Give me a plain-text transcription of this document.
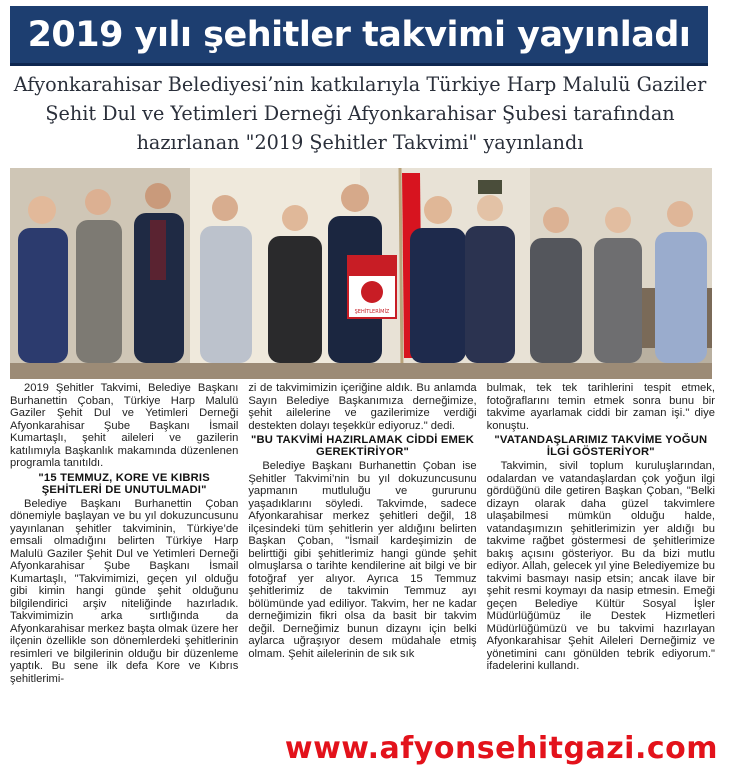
2019 yılı şehitler takvimi yayınladı

Afyonkarahisar Belediyesi’nin katkılarıyla Türkiye Harp Malulü Gaziler Şehit Dul ve Yetimleri Derneği Afyonkarahisar Şubesi tarafından hazırlanan "2019 Şehitler Takvimi" yayınlandı

ŞEHİTLERİMİZ

2019 Şehitler Takvimi, Belediye Başkanı Burhanettin Çoban, Türkiye Harp Malulü Gaziler Şehit Dul ve Yetimleri Derneği Afyonkarahisar Şube Başkanı İsmail Kumartaşlı, şehit aileleri ve gazilerin katılımıyla Başkanlık makamında düzenlenen programla tanıtıldı.

"15 TEMMUZ, KORE VE KIBRIS ŞEHİTLERİ DE UNUTULMADI"

Belediye Başkanı Burhanettin Çoban dönemiyle başlayan ve bu yıl dokuzuncusunu yayınlanan şehitler takviminin, Türkiye’de emsali olmadığını belirten Türkiye Harp Malulü Gaziler Şehit Dul ve Yetimleri Derneği Afyonkarahisar Şube Başkanı İsmail Kumartaşlı, "Takvimimizi, geçen yıl olduğu gibi kimin hangi günde şehit olduğunu bilgilendirici arşiv niteliğinde hazırladık. Takvimimizin arka sırtlığında da Afyonkarahisar merkez başta olmak üzere her ilçenin özellikle son dönemlerdeki şehitlerinin resimleri ve bilgilerinin olduğu bir düzenleme yaptık. Bu sene ilk defa Kore ve Kıbrıs şehitlerimi-

zi de takvimimizin içeriğine aldık. Bu anlamda Sayın Belediye Başkanımıza derneğimize, şehit ailelerine ve gazilerimize verdiği destekten dolayı teşekkür ediyoruz." dedi.

"BU TAKVİMİ HAZIRLAMAK CİDDİ EMEK GEREKTİRİYOR"

Belediye Başkanı Burhanettin Çoban ise Şehitler Takvimi’nin bu yıl dokuzuncusunu yapmanın mutluluğu ve gururunu yaşadıklarını söyledi. Takvimde, sadece Afyonkarahisar merkez şehitleri değil, 18 ilçesindeki tüm şehitlerin yer aldığını belirten Başkan Çoban, "İsmail kardeşimizin de belirttiği gibi şehitlerimiz hangi günde şehit olmuşlarsa o tarihte kendilerine ait bilgi ve bir fotoğraf yer alıyor. Ayrıca 15 Temmuz şehitlerimiz de takvimin Temmuz ayı bölümünde yad ediliyor. Takvim, her ne kadar derneğimizin fikri olsa da basit bir takvim değil. Derneğimiz bunun dizaynı için belki aylarca uğraşıyor desem müdahale etmiş olmam. Şehit ailelerinin de sık sık

bulmak, tek tek tarihlerini tespit etmek, fotoğraflarını temin etmek sonra bunu bir takvime ayarlamak ciddi bir zaman işi." diye konuştu.

"VATANDAŞLARIMIZ TAKVİME YOĞUN İLGİ GÖSTERİYOR"

Takvimin, sivil toplum kuruluşlarından, odalardan ve vatandaşlardan çok yoğun ilgi gördüğünü dile getiren Başkan Çoban, "Belki dizayn olarak daha güzel takvimlere ulaşabilmesi mümkün olduğu halde, vatandaşımızın şehitlerimizin yer aldığı bu takvime rağbet göstermesi de şehitlerimize bakış açısını gösteriyor. Bu da bizi mutlu ediyor. Allah, gelecek yıl yine Belediyemize bu takvimi basmayı nasip etsin; ancak ilave bir şehit resmi koymayı da nasip etmesin. Emeği geçen Belediye Kültür Sosyal İşler Müdürlüğümüz ile Destek Hizmetleri Müdürlüğümüzü ve bu takvimi hazırlayan Afyonkarahisar Şehit Aileleri Derneğimiz ve yönetimini canı gönülden tebrik ediyorum." ifadelerini kullandı.

www.afyonsehitgazi.com
